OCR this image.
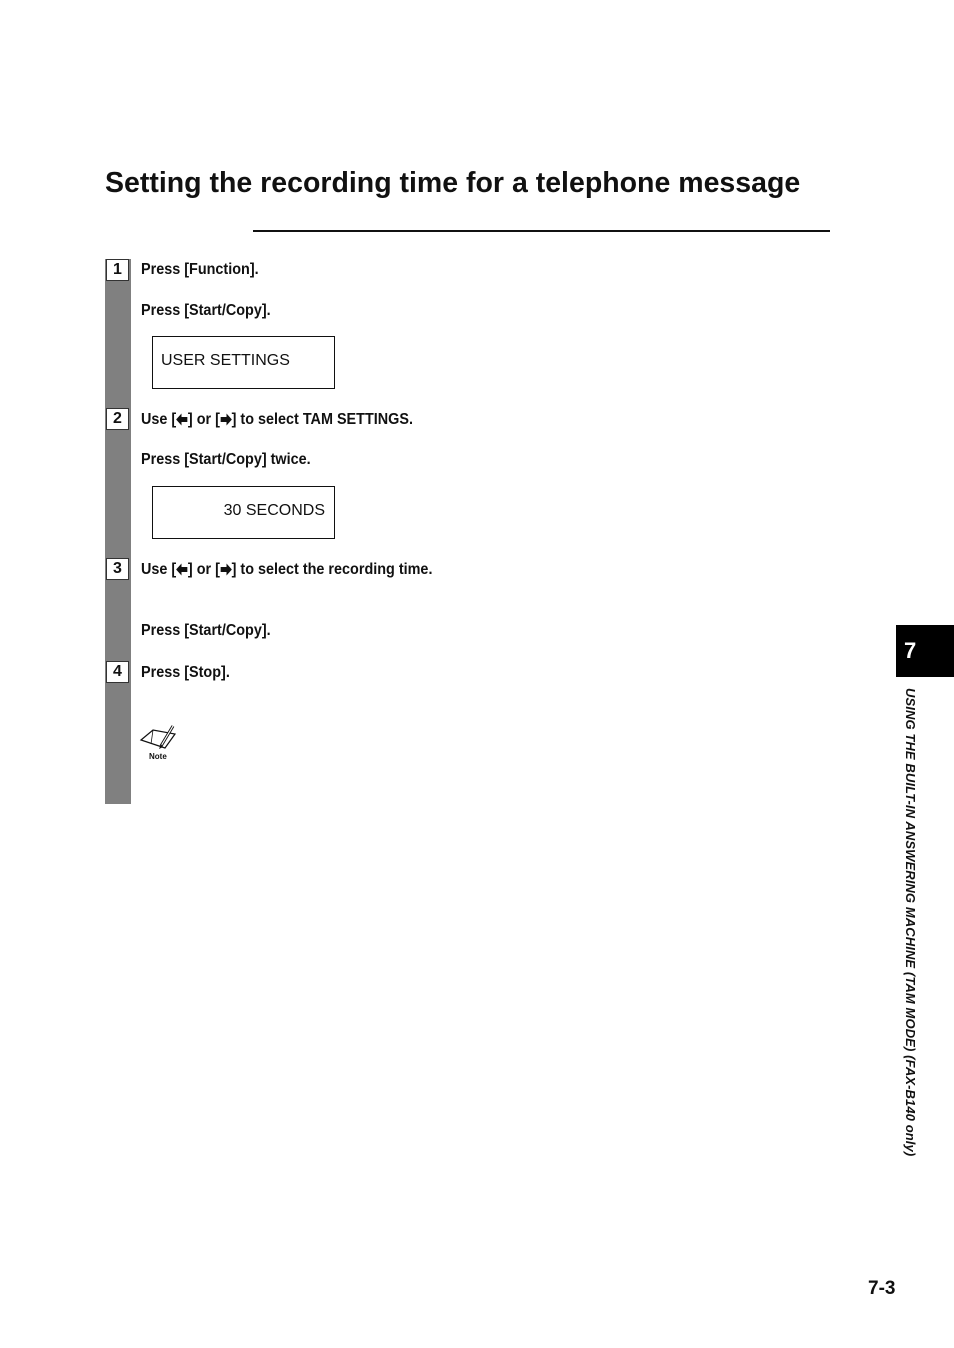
Setting the recording time for a telephone message
1	Press [Function].
Press [Start/Copy].
USER SETTINGS
2	Use [ ] or [ ] to select TAM SETTINGS.
Press [Start/Copy] twice.
30 SECONDS
3	Use [ ] or [ ] to select the recording time.
Press [Start/Copy].
4	Press [Stop].
Note
7
USING THE BUILT-IN ANSWERING MACHINE (TAM MODE) (FAX-B140 only)
7-3
